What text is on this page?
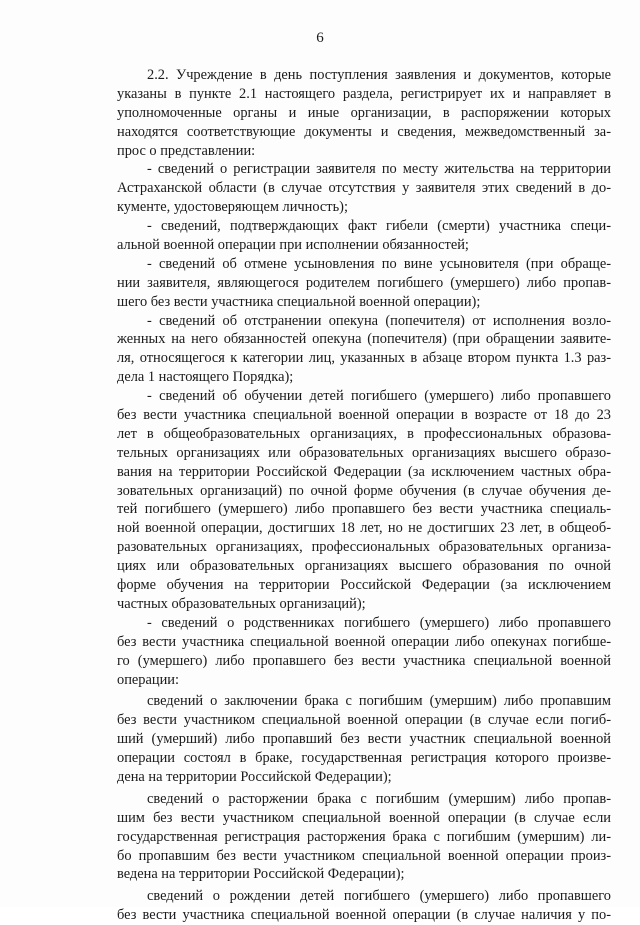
6
2.2. Учреждение в день поступления заявления и документов, которые
указаны в пункте 2.1 настоящего раздела, регистрирует их и направляет в
уполномоченные органы и иные организации, в распоряжении которых
находятся соответствующие документы и сведения, межведомственный за-
прос о представлении:
- сведений о регистрации заявителя по месту жительства на территории
Астраханской области (в случае отсутствия у заявителя этих сведений в до-
кументе, удостоверяющем личность);
- сведений, подтверждающих факт гибели (смерти) участника специ-
альной военной операции при исполнении обязанностей;
- сведений об отмене усыновления по вине усыновителя (при обраще-
нии заявителя, являющегося родителем погибшего (умершего) либо пропав-
шего без вести участника специальной военной операции);
- сведений об отстранении опекуна (попечителя) от исполнения возло-
женных на него обязанностей опекуна (попечителя) (при обращении заявите-
ля, относящегося к категории лиц, указанных в абзаце втором пункта 1.3 раз-
дела 1 настоящего Порядка);
- сведений об обучении детей погибшего (умершего) либо пропавшего
без вести участника специальной военной операции в возрасте от 18 до 23
лет в общеобразовательных организациях, в профессиональных образова-
тельных организациях или образовательных организациях высшего образо-
вания на территории Российской Федерации (за исключением частных обра-
зовательных организаций) по очной форме обучения (в случае обучения де-
тей погибшего (умершего) либо пропавшего без вести участника специаль-
ной военной операции, достигших 18 лет, но не достигших 23 лет, в общеоб-
разовательных организациях, профессиональных образовательных организа-
циях или образовательных организациях высшего образования по очной
форме обучения на территории Российской Федерации (за исключением
частных образовательных организаций);
- сведений о родственниках погибшего (умершего) либо пропавшего
без вести участника специальной военной операции либо опекунах погибше-
го (умершего) либо пропавшего без вести участника специальной военной
операции:
сведений о заключении брака с погибшим (умершим) либо пропавшим
без вести участником специальной военной операции (в случае если погиб-
ший (умерший) либо пропавший без вести участник специальной военной
операции состоял в браке, государственная регистрация которого произве-
дена на территории Российской Федерации);
сведений о расторжении брака с погибшим (умершим) либо пропав-
шим без вести участником специальной военной операции (в случае если
государственная регистрация расторжения брака с погибшим (умершим) ли-
бо пропавшим без вести участником специальной военной операции произ-
ведена на территории Российской Федерации);
сведений о рождении детей погибшего (умершего) либо пропавшего
без вести участника специальной военной операции (в случае наличия у по-
